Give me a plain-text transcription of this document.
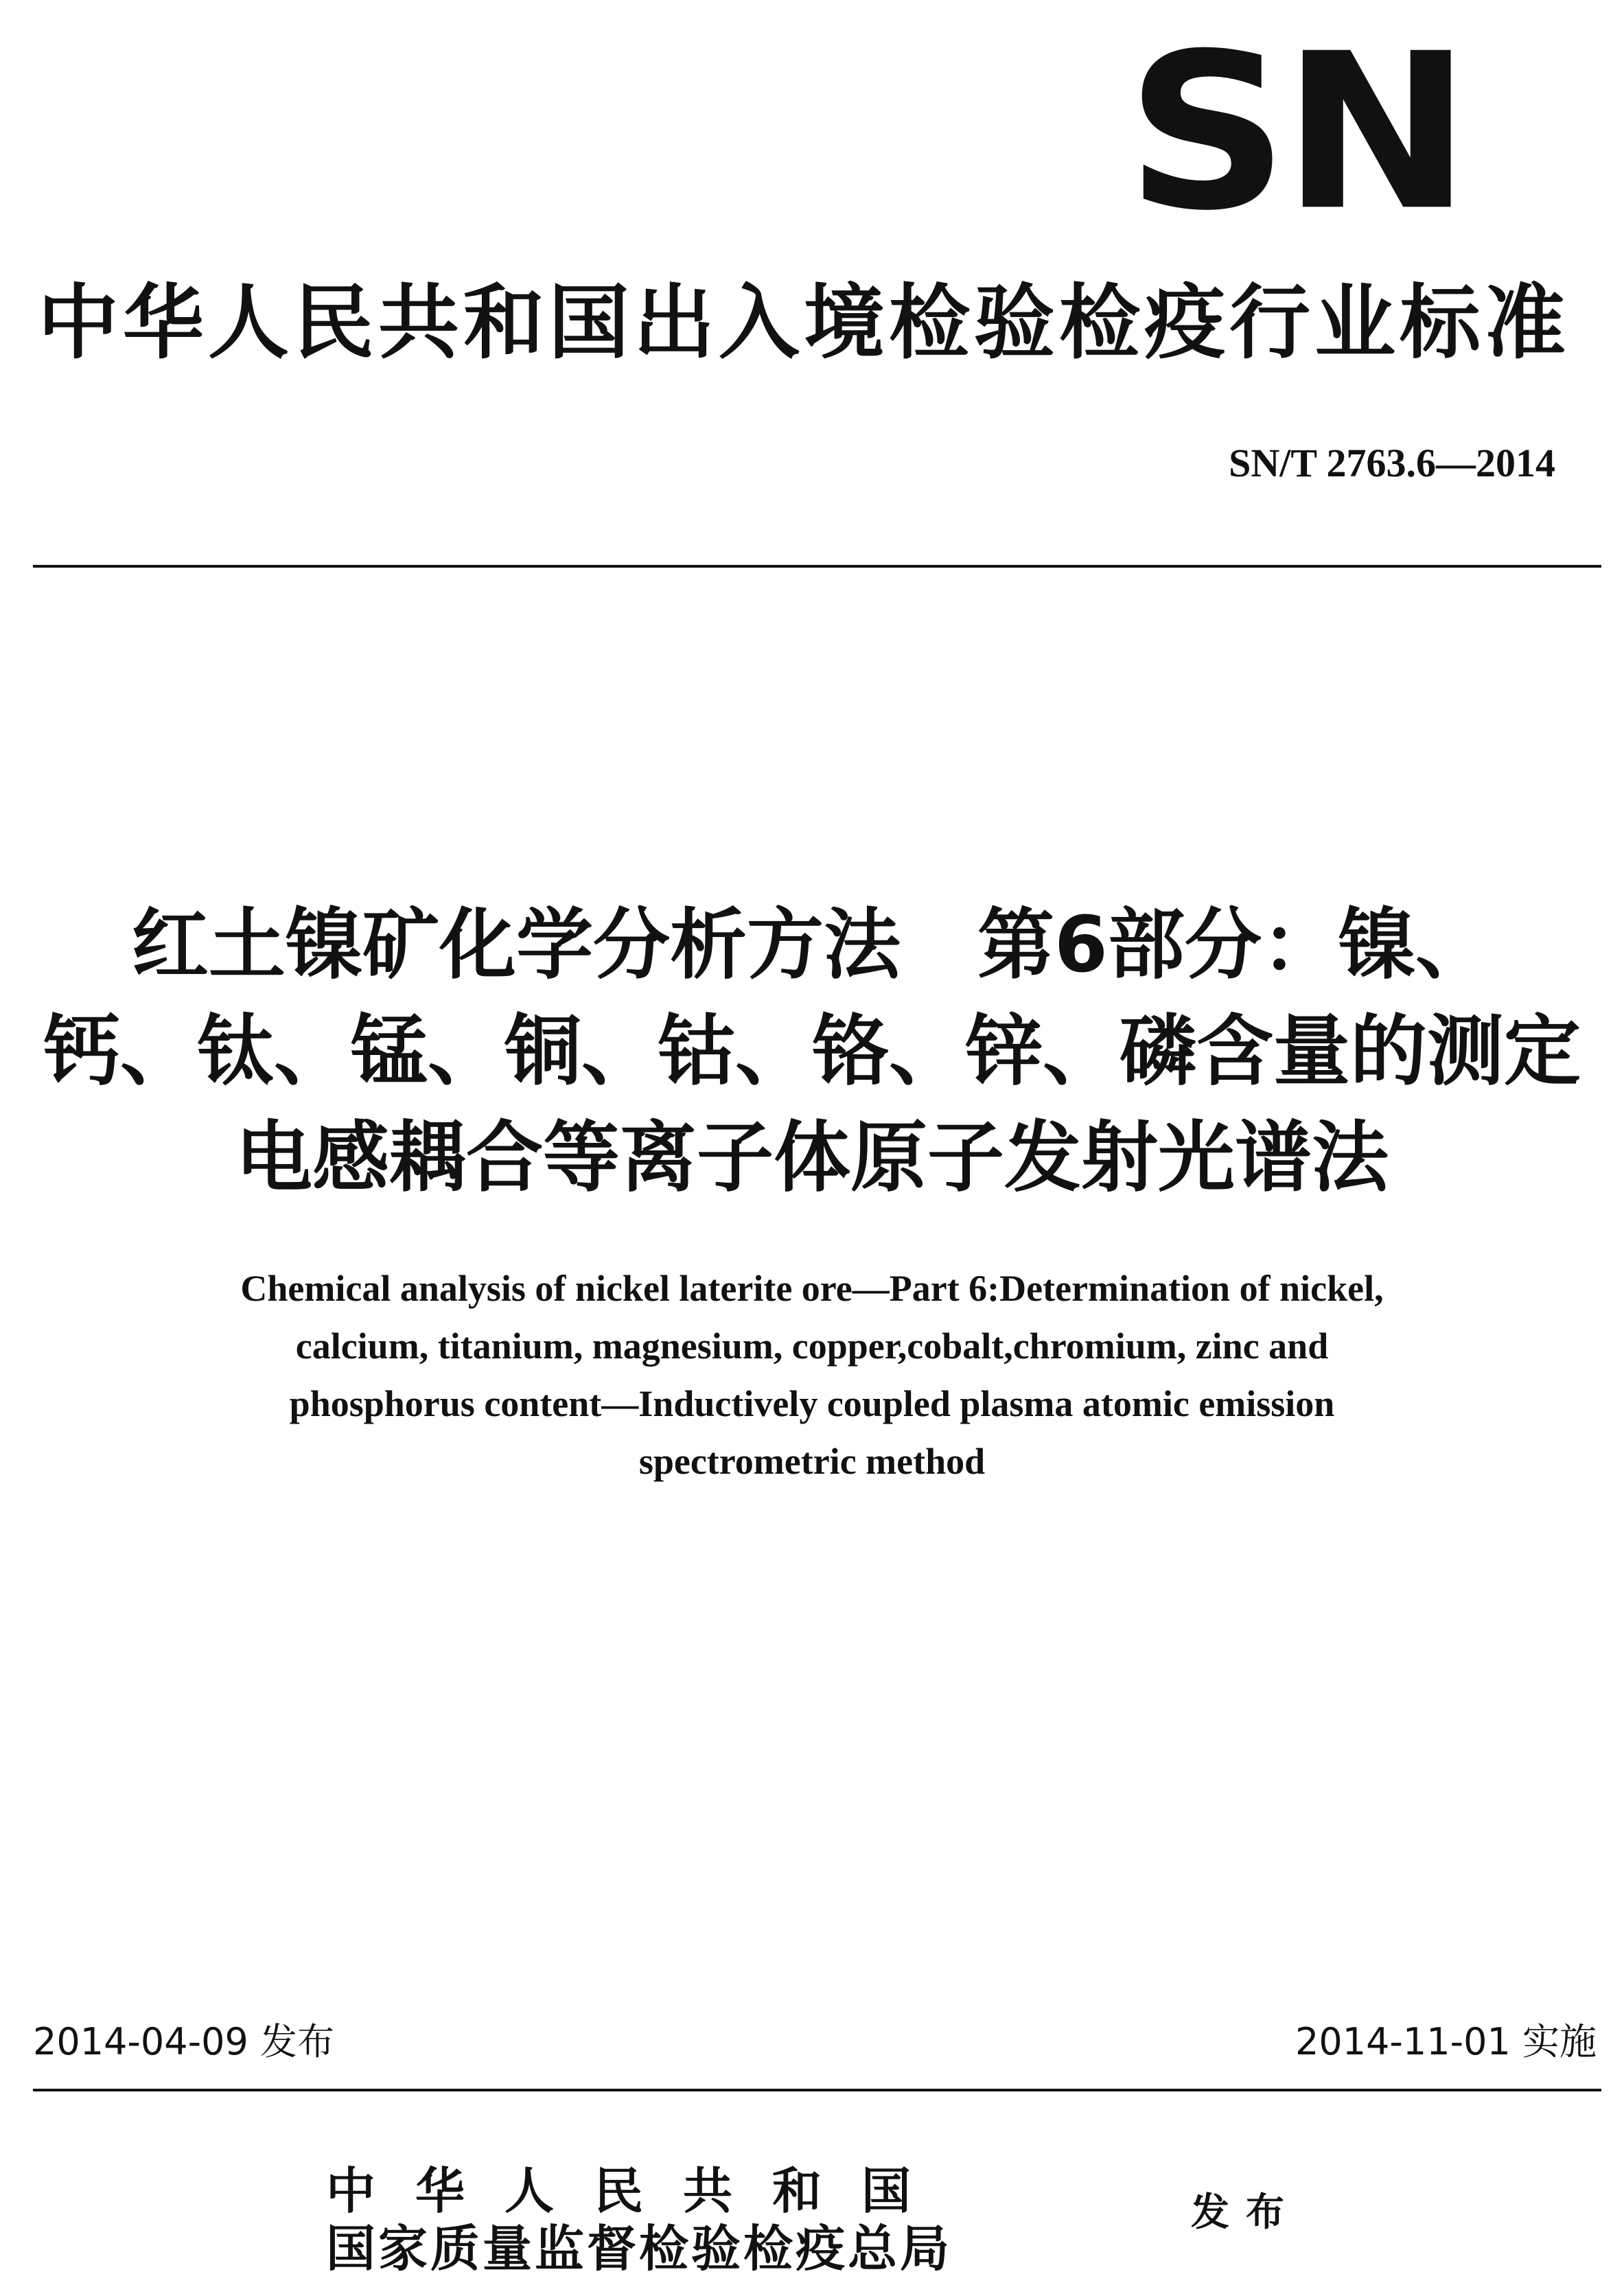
SN
中华人民共和国出入境检验检疫行业标准
SN/T 2763.6—2014
红土镍矿化学分析方法　第6部分：镍、
钙、钛、锰、铜、钴、铬、锌、磷含量的测定
电感耦合等离子体原子发射光谱法
Chemical analysis of nickel laterite ore—Part 6:Determination of nickel,
calcium, titanium, magnesium, copper,cobalt,chromium, zinc and
phosphorus content—Inductively coupled plasma atomic emission
spectrometric method
2014-04-09 发布	2014-11-01 实施
中华人民共和国
国家质量监督检验检疫总局
发布
